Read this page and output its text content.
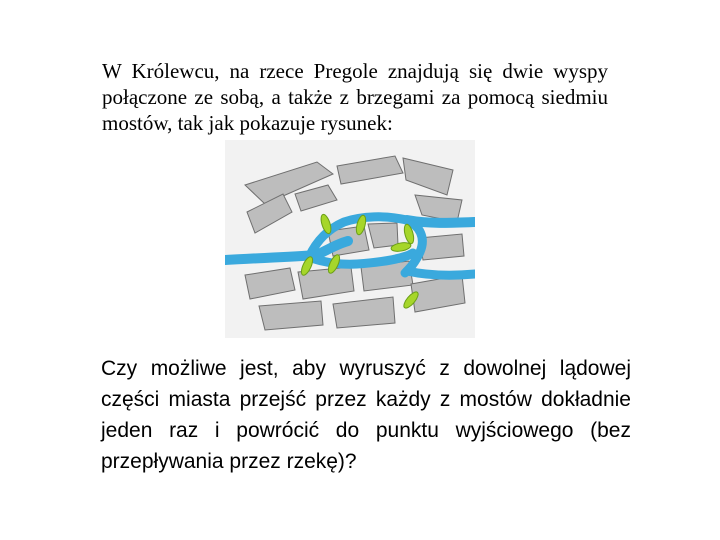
W Królewcu, na rzece Pregole znajdują się dwie wyspy połączone ze sobą, a także z brzegami za pomocą siedmiu mostów, tak jak pokazuje rysunek:

Czy możliwe jest, aby wyruszyć z dowolnej lądowej części miasta przejść przez każdy z mostów dokładnie jeden raz i powrócić do punktu wyjściowego (bez przepływania przez rzekę)?
